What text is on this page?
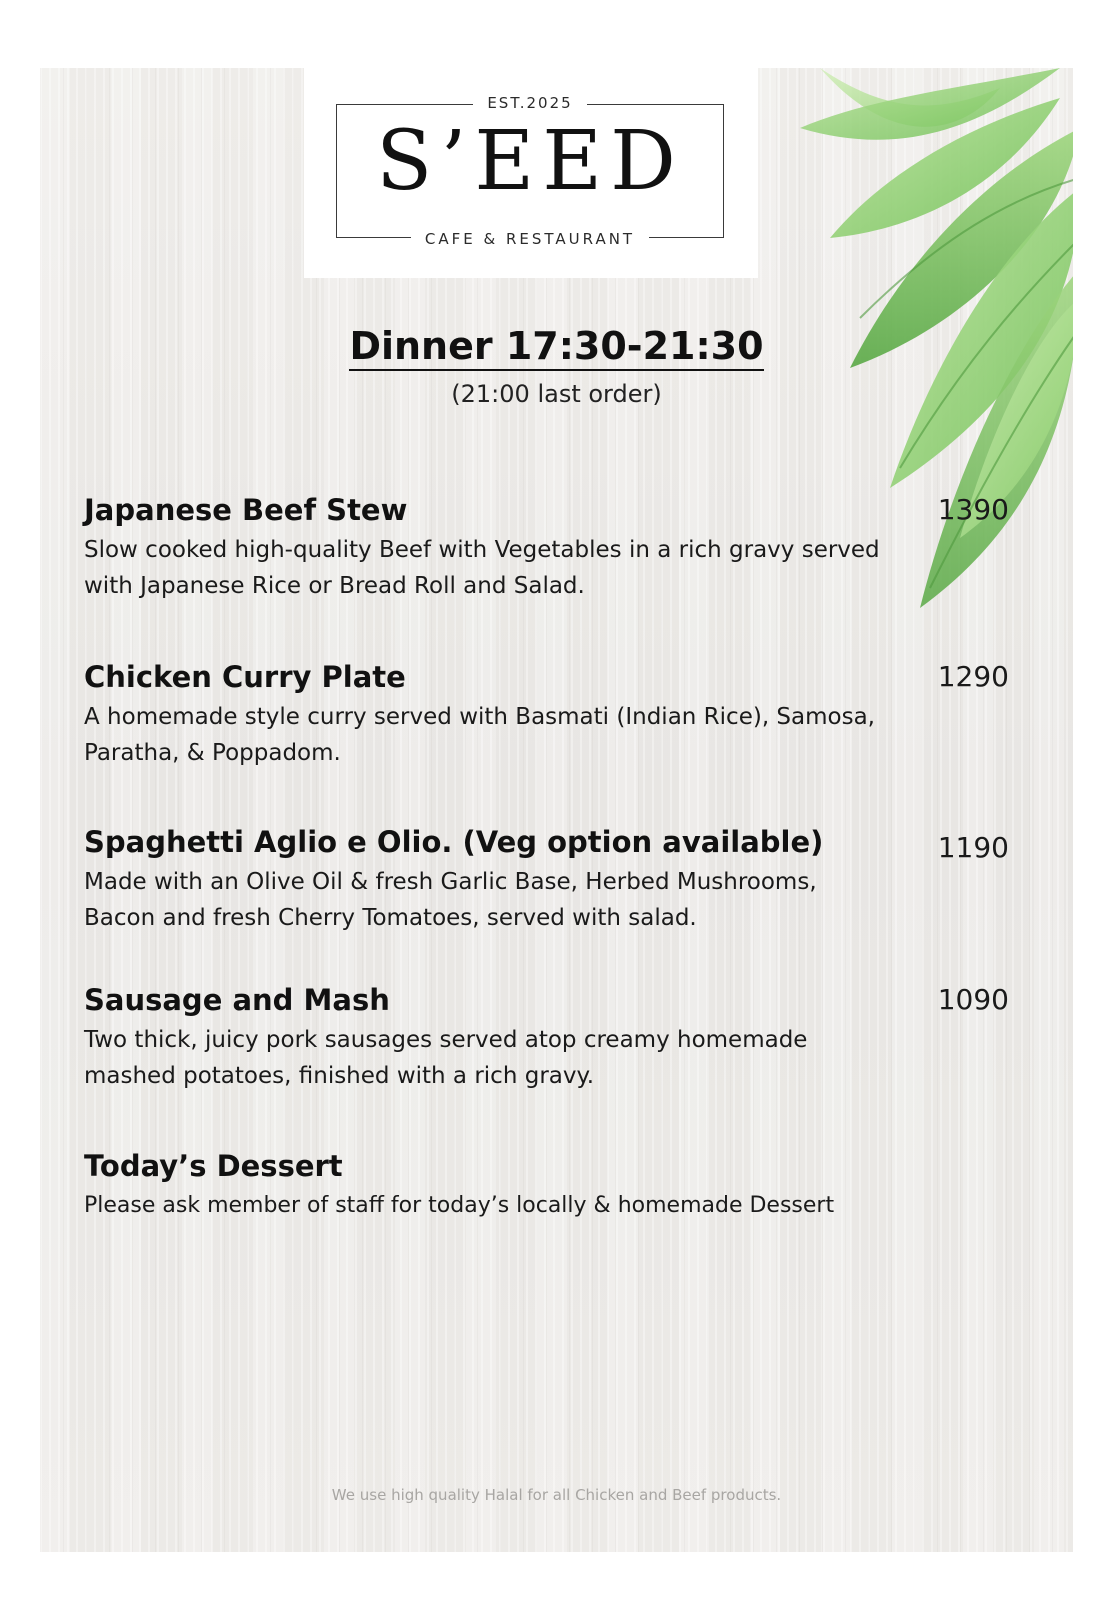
EST.2025
S’EED
CAFE & RESTAURANT
Dinner 17:30-21:30
(21:00 last order)
Japanese Beef Stew
Slow cooked high-quality Beef with Vegetables in a rich gravy served with Japanese Rice or Bread Roll and Salad.
1390
Chicken Curry Plate
A homemade style curry served with Basmati (Indian Rice), Samosa, Paratha, & Poppadom.
1290
Spaghetti Aglio e Olio. (Veg option available)
Made with an Olive Oil & fresh Garlic Base, Herbed Mushrooms, Bacon and fresh Cherry Tomatoes, served with salad.
1190
Sausage and Mash
Two thick, juicy pork sausages served atop creamy homemade mashed potatoes, finished with a rich gravy.
1090
Today’s Dessert
Please ask member of staff for today’s locally & homemade Dessert
We use high quality Halal for all Chicken and Beef products.
